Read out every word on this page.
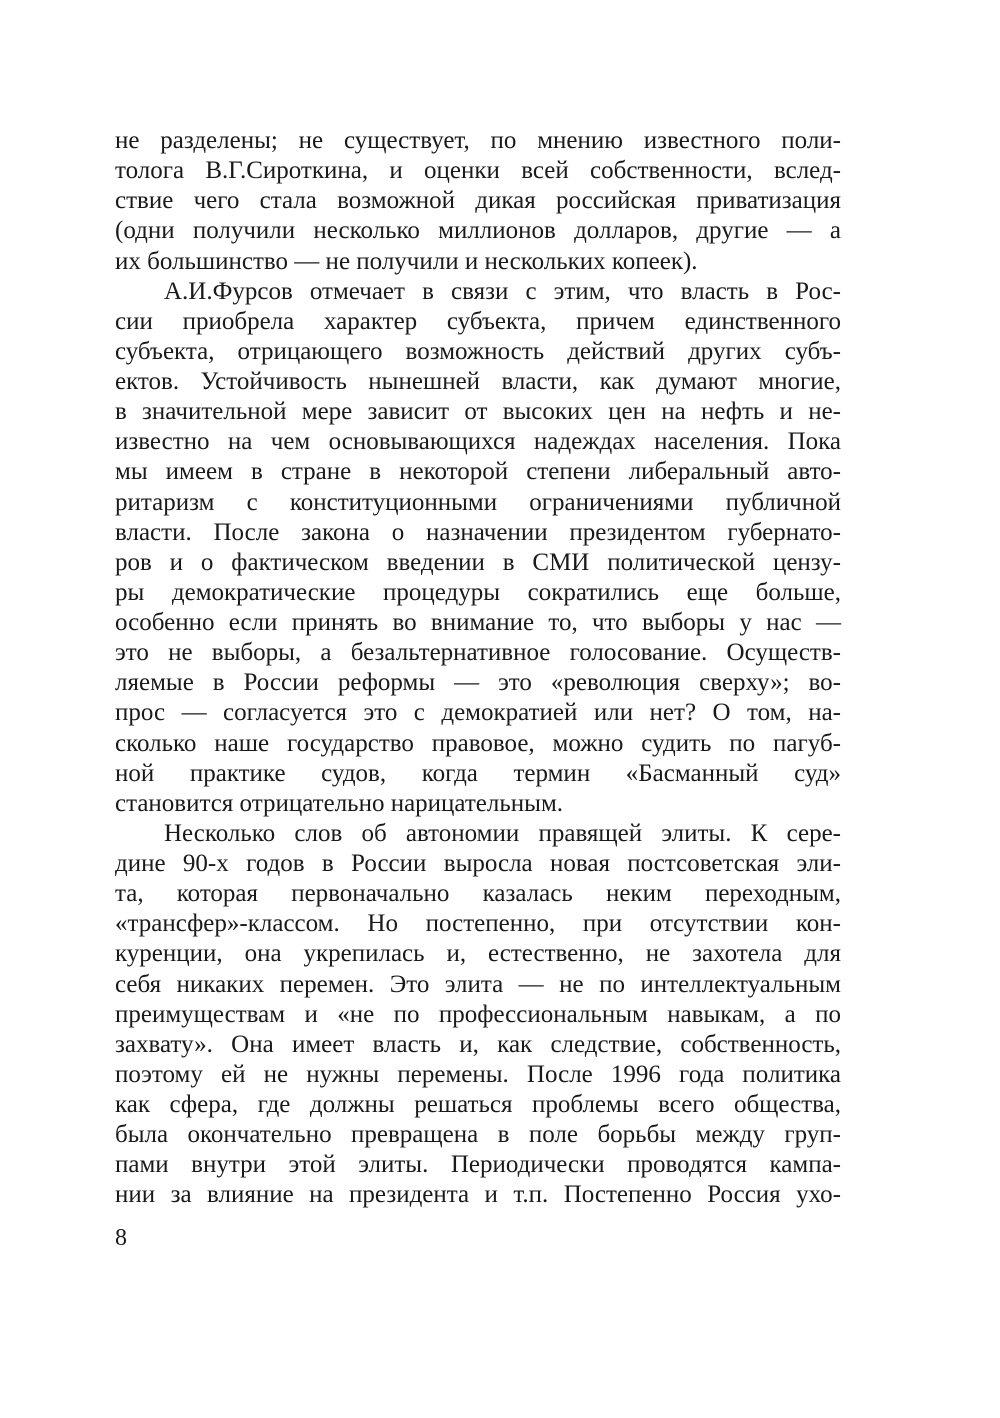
не разделены; не существует, по мнению известного поли-
толога В.Г.Сироткина, и оценки всей собственности, вслед-
ствие чего стала возможной дикая российская приватизация
(одни получили несколько миллионов долларов, другие — а
их большинство — не получили и нескольких копеек).
А.И.Фурсов отмечает в связи с этим, что власть в Рос-
сии приобрела характер субъекта, причем единственного
субъекта, отрицающего возможность действий других субъ-
ектов. Устойчивость нынешней власти, как думают многие,
в значительной мере зависит от высоких цен на нефть и не-
известно на чем основывающихся надеждах населения. Пока
мы имеем в стране в некоторой степени либеральный авто-
ритаризм с конституционными ограничениями публичной
власти. После закона о назначении президентом губернато-
ров и о фактическом введении в СМИ политической цензу-
ры демократические процедуры сократились еще больше,
особенно если принять во внимание то, что выборы у нас —
это не выборы, а безальтернативное голосование. Осуществ-
ляемые в России реформы — это «революция сверху»; во-
прос — согласуется это с демократией или нет? О том, на-
сколько наше государство правовое, можно судить по пагуб-
ной практике судов, когда термин «Басманный суд»
становится отрицательно нарицательным.
Несколько слов об автономии правящей элиты. К сере-
дине 90-х годов в России выросла новая постсоветская эли-
та, которая первоначально казалась неким переходным,
«трансфер»-классом. Но постепенно, при отсутствии кон-
куренции, она укрепилась и, естественно, не захотела для
себя никаких перемен. Это элита — не по интеллектуальным
преимуществам и «не по профессиональным навыкам, а по
захвату». Она имеет власть и, как следствие, собственность,
поэтому ей не нужны перемены. После 1996 года политика
как сфера, где должны решаться проблемы всего общества,
была окончательно превращена в поле борьбы между груп-
пами внутри этой элиты. Периодически проводятся кампа-
нии за влияние на президента и т.п. Постепенно Россия ухо-
8
